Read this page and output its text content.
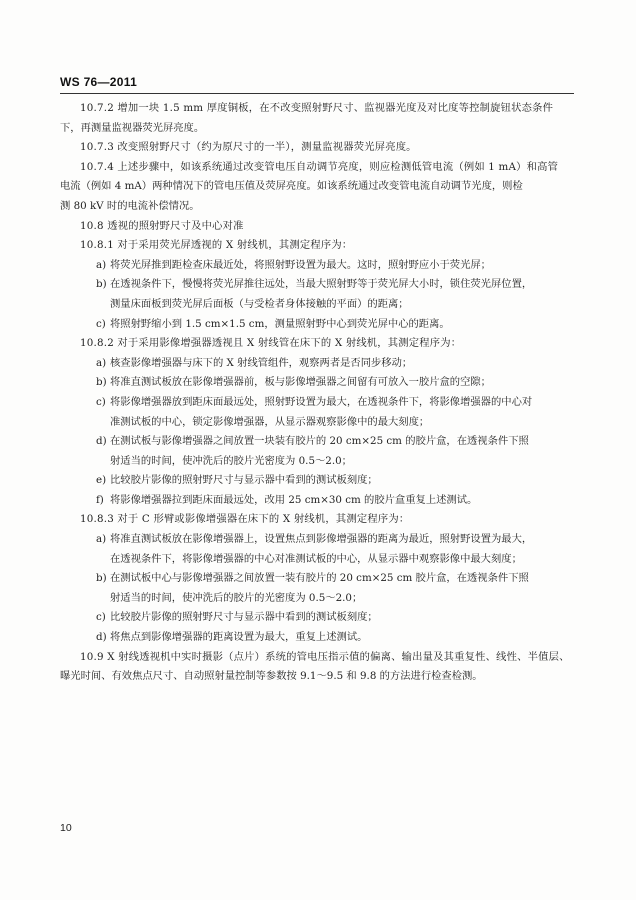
WS 76—2011
10.7.2 增加一块 1.5 mm 厚度铜板，在不改变照射野尺寸、监视器光度及对比度等控制旋钮状态条件
下，再测量监视器荧光屏亮度。
10.7.3 改变照射野尺寸（约为原尺寸的一半），测量监视器荧光屏亮度。
10.7.4 上述步骤中，如该系统通过改变管电压自动调节亮度，则应检测低管电流（例如 1 mA）和高管
电流（例如 4 mA）两种情况下的管电压值及荧屏亮度。如该系统通过改变管电流自动调节光度，则检
测 80 kV 时的电流补偿情况。
10.8 透视的照射野尺寸及中心对准
10.8.1 对于采用荧光屏透视的 X 射线机，其测定程序为：
a) 将荧光屏推到距检查床最近处，将照射野设置为最大。这时，照射野应小于荧光屏；
b) 在透视条件下，慢慢将荧光屏推往远处，当最大照射野等于荧光屏大小时，锁住荧光屏位置，
测量床面板到荧光屏后面板（与受检者身体接触的平面）的距离；
c) 将照射野缩小到 1.5 cm×1.5 cm，测量照射野中心到荧光屏中心的距离。
10.8.2 对于采用影像增强器透视且 X 射线管在床下的 X 射线机，其测定程序为：
a) 核查影像增强器与床下的 X 射线管组件，观察两者是否同步移动；
b) 将准直测试板放在影像增强器前，板与影像增强器之间留有可放入一胶片盒的空隙；
c) 将影像增强器放到距床面最远处，照射野设置为最大，在透视条件下，将影像增强器的中心对
准测试板的中心，锁定影像增强器，从显示器观察影像中的最大刻度；
d) 在测试板与影像增强器之间放置一块装有胶片的 20 cm×25 cm 的胶片盒，在透视条件下照
射适当的时间，使冲洗后的胶片光密度为 0.5～2.0；
e) 比较胶片影像的照射野尺寸与显示器中看到的测试板刻度；
f) 将影像增强器拉到距床面最远处，改用 25 cm×30 cm 的胶片盒重复上述测试。
10.8.3 对于 C 形臂或影像增强器在床下的 X 射线机，其测定程序为：
a) 将准直测试板放在影像增强器上，设置焦点到影像增强器的距离为最近，照射野设置为最大，
在透视条件下，将影像增强器的中心对准测试板的中心，从显示器中观察影像中最大刻度；
b) 在测试板中心与影像增强器之间放置一装有胶片的 20 cm×25 cm 胶片盒，在透视条件下照
射适当的时间，使冲洗后的胶片的光密度为 0.5～2.0；
c) 比较胶片影像的照射野尺寸与显示器中看到的测试板刻度；
d) 将焦点到影像增强器的距离设置为最大，重复上述测试。
10.9 X 射线透视机中实时摄影（点片）系统的管电压指示值的偏离、输出量及其重复性、线性、半值层、
曝光时间、有效焦点尺寸、自动照射量控制等参数按 9.1～9.5 和 9.8 的方法进行检查检测。
10
